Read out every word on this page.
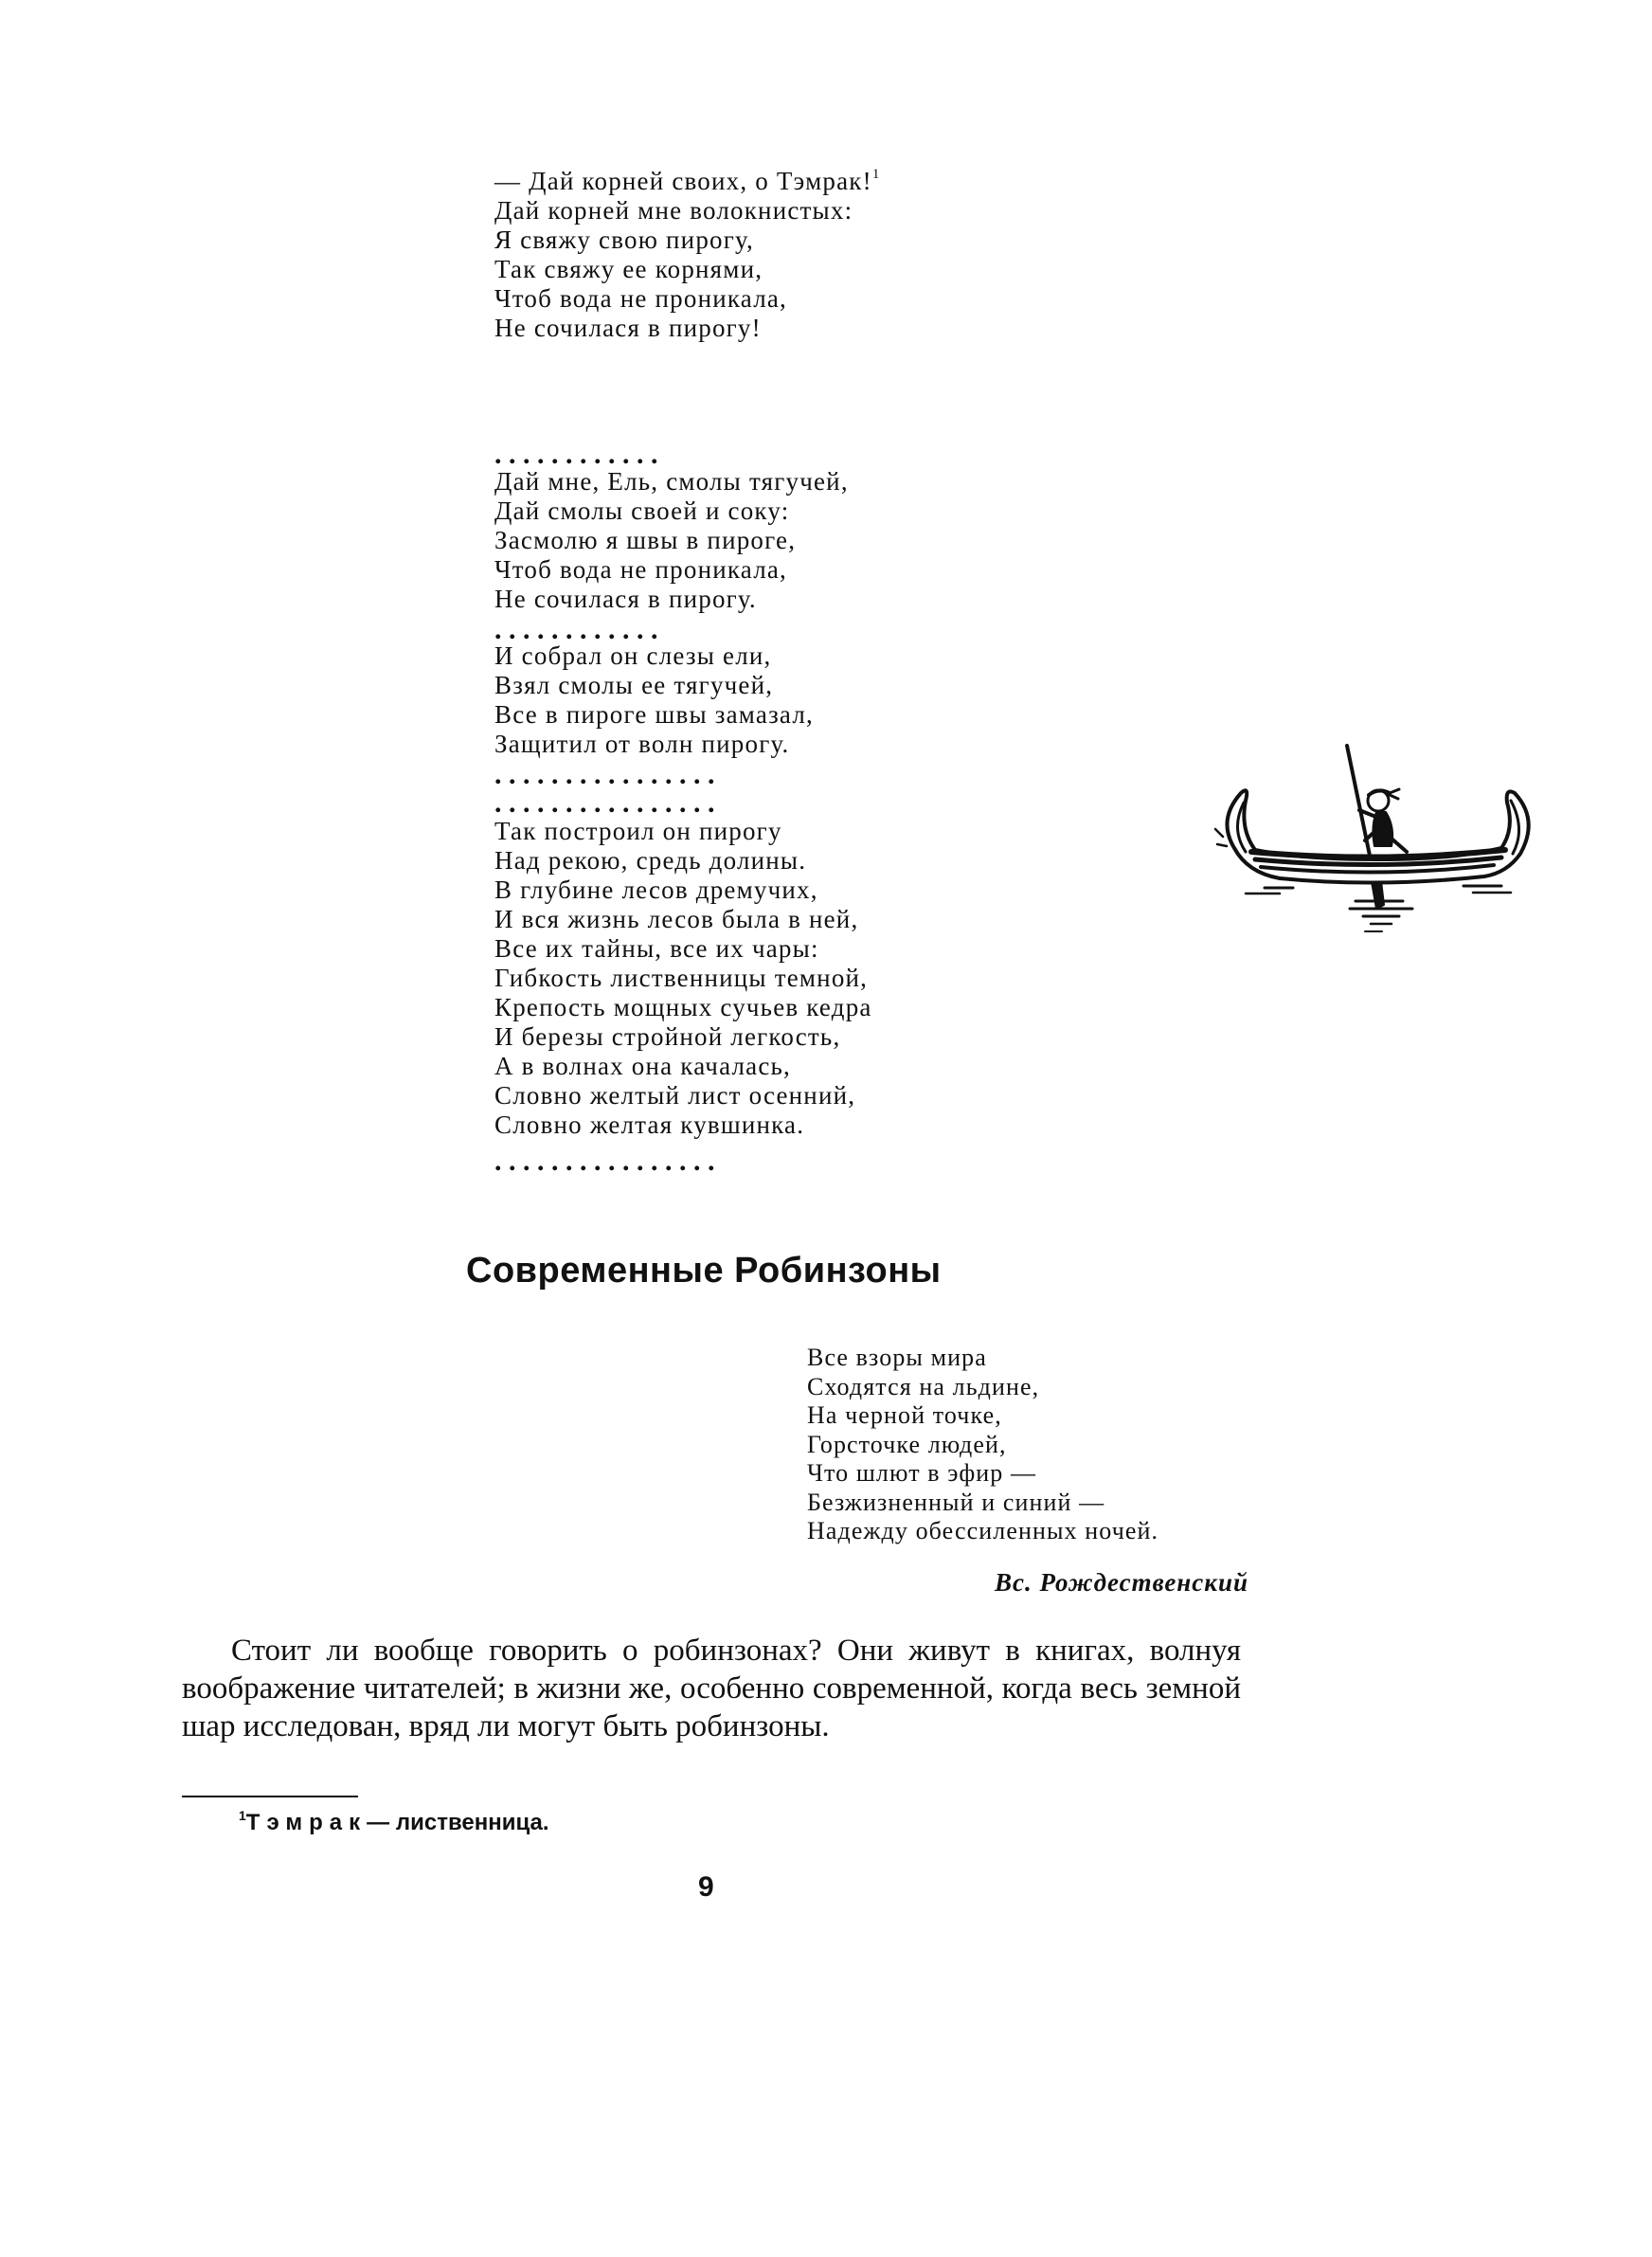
— Дай корней своих, о Тэмрак!$^1$
Дай корней мне волокнистых:
Я свяжу свою пирогу,
Так свяжу ее корнями,
Чтоб вода не проникала,
Не сочилася в пирогу!
. . . . . . . . . . . .
Дай мне, Ель, смолы тягучей,
Дай смолы своей и соку:
Засмолю я швы в пироге,
Чтоб вода не проникала,
Не сочилася в пирогу.
. . . . . . . . . . . .
И собрал он слезы ели,
Взял смолы ее тягучей,
Все в пироге швы замазал,
Защитил от волн пирогу.
. . . . . . . . . . . . . . . .
. . . . . . . . . . . . . . . .
Так построил он пирогу
Над рекою, средь долины.
В глубине лесов дремучих,
И вся жизнь лесов была в ней,
Все их тайны, все их чары:
Гибкость лиственницы темной,
Крепость мощных сучьев кедра
И березы стройной легкость,
А в волнах она качалась,
Словно желтый лист осенний,
Словно желтая кувшинка.
. . . . . . . . . . . . . . . .
Современные Робинзоны
Все взоры мира
Сходятся на льдине,
На черной точке,
Горсточке людей,
Что шлют в эфир —
Безжизненный и синий —
Надежду обессиленных ночей.
Вс. Рождественский
Стоит ли вообще говорить о робинзонах? Они живут в книгах, волнуя воображение читателей; в жизни же, особенно современной, когда весь земной шар исследован, вряд ли могут быть робинзоны.
$^1$Тэмрак— лиственница.
9
